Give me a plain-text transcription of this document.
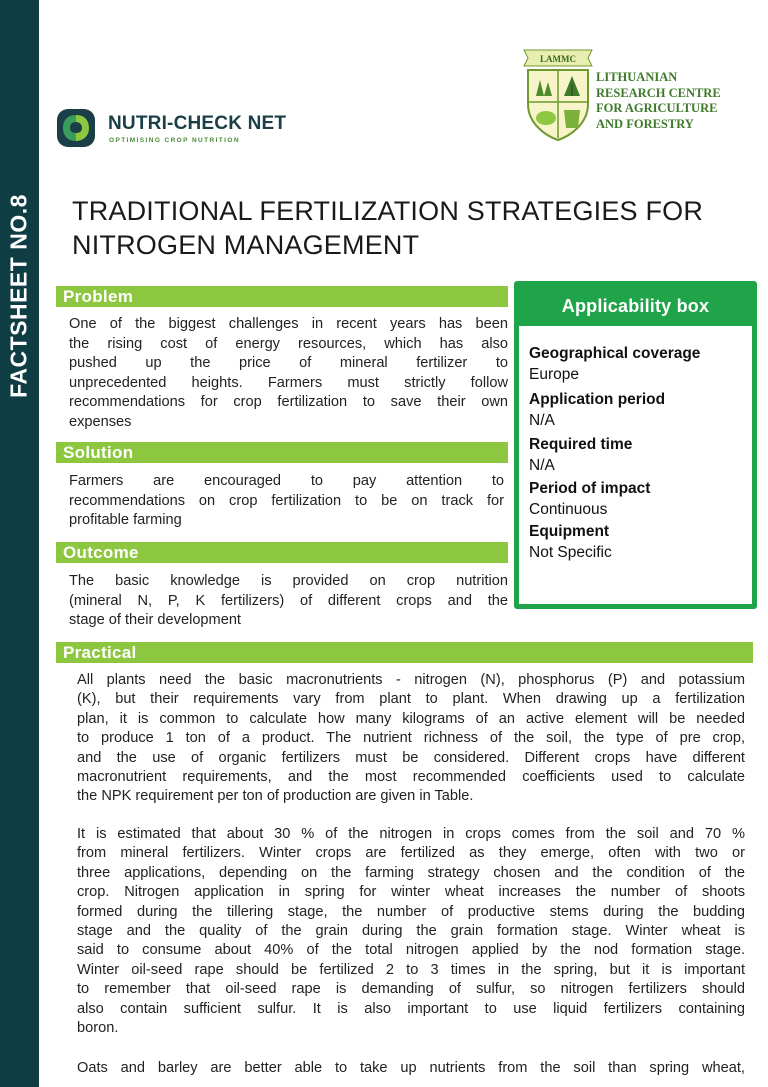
FACTSHEET NO.8
NUTRI-CHECK NET
OPTIMISING CROP NUTRITION
LAMMC
LITHUANIAN
RESEARCH CENTRE
FOR AGRICULTURE
AND FORESTRY
TRADITIONAL FERTILIZATION STRATEGIES FOR
NITROGEN MANAGEMENT
Problem
One of the biggest challenges in recent years has been
the rising cost of energy resources, which has also
pushed up the price of mineral fertilizer to
unprecedented heights. Farmers must strictly follow
recommendations for crop fertilization to save their own
expenses
Solution
Farmers are encouraged to pay attention to
recommendations on crop fertilization to be on track for
profitable farming
Outcome
The basic knowledge is provided on crop nutrition
(mineral N, P, K fertilizers) of different crops and the
stage of their development
Applicability box
Geographical coverage
Europe
Application period
N/A
Required time
N/A
Period of impact
Continuous
Equipment
Not Specific
Practical
All plants need the basic macronutrients - nitrogen (N), phosphorus (P) and potassium
(K), but their requirements vary from plant to plant. When drawing up a fertilization
plan, it is common to calculate how many kilograms of an active element will be needed
to produce 1 ton of a product. The nutrient richness of the soil, the type of pre crop,
and the use of organic fertilizers must be considered. Different crops have different
macronutrient requirements, and the most recommended coefficients used to calculate
the NPK requirement per ton of production are given in Table.
It is estimated that about 30 % of the nitrogen in crops comes from the soil and 70 %
from mineral fertilizers. Winter crops are fertilized as they emerge, often with two or
three applications, depending on the farming strategy chosen and the condition of the
crop. Nitrogen application in spring for winter wheat increases the number of shoots
formed during the tillering stage, the number of productive stems during the budding
stage and the quality of the grain during the grain formation stage. Winter wheat is
said to consume about 40% of the total nitrogen applied by the nod formation stage.
Winter oil-seed rape should be fertilized 2 to 3 times in the spring, but it is important
to remember that oil-seed rape is demanding of sulfur, so nitrogen fertilizers should
also contain sufficient sulfur. It is also important to use liquid fertilizers containing
boron.
Oats and barley are better able to take up nutrients from the soil than spring wheat,
